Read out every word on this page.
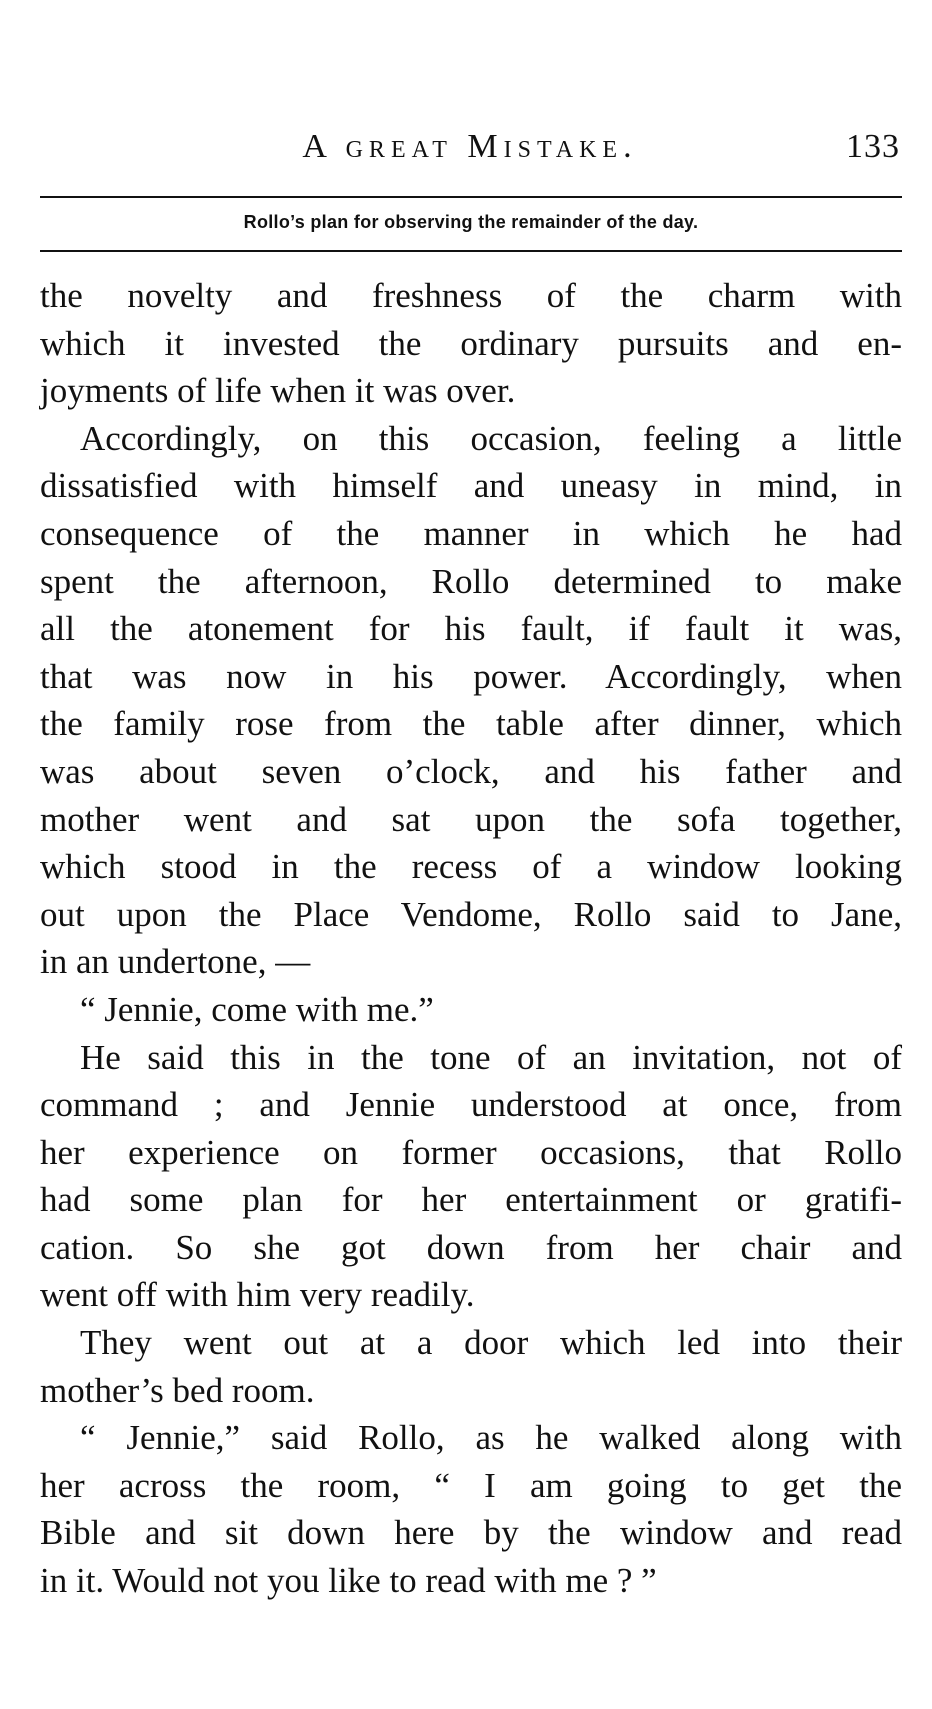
A great Mistake.	133
Rollo’s plan for observing the remainder of the day.
the novelty and freshness of the charm with
which it invested the ordinary pursuits and en-
joyments of life when it was over.
Accordingly, on this occasion, feeling a little
dissatisfied with himself and uneasy in mind, in
consequence of the manner in which he had
spent the afternoon, Rollo determined to make
all the atonement for his fault, if fault it was,
that was now in his power. Accordingly, when
the family rose from the table after dinner, which
was about seven o’clock, and his father and
mother went and sat upon the sofa together,
which stood in the recess of a window looking
out upon the Place Vendome, Rollo said to Jane,
in an undertone, —
“ Jennie, come with me.”
He said this in the tone of an invitation, not of
command ; and Jennie understood at once, from
her experience on former occasions, that Rollo
had some plan for her entertainment or gratifi-
cation. So she got down from her chair and
went off with him very readily.
They went out at a door which led into their
mother’s bed room.
“ Jennie,” said Rollo, as he walked along with
her across the room, “ I am going to get the
Bible and sit down here by the window and read
in it. Would not you like to read with me ? ”
